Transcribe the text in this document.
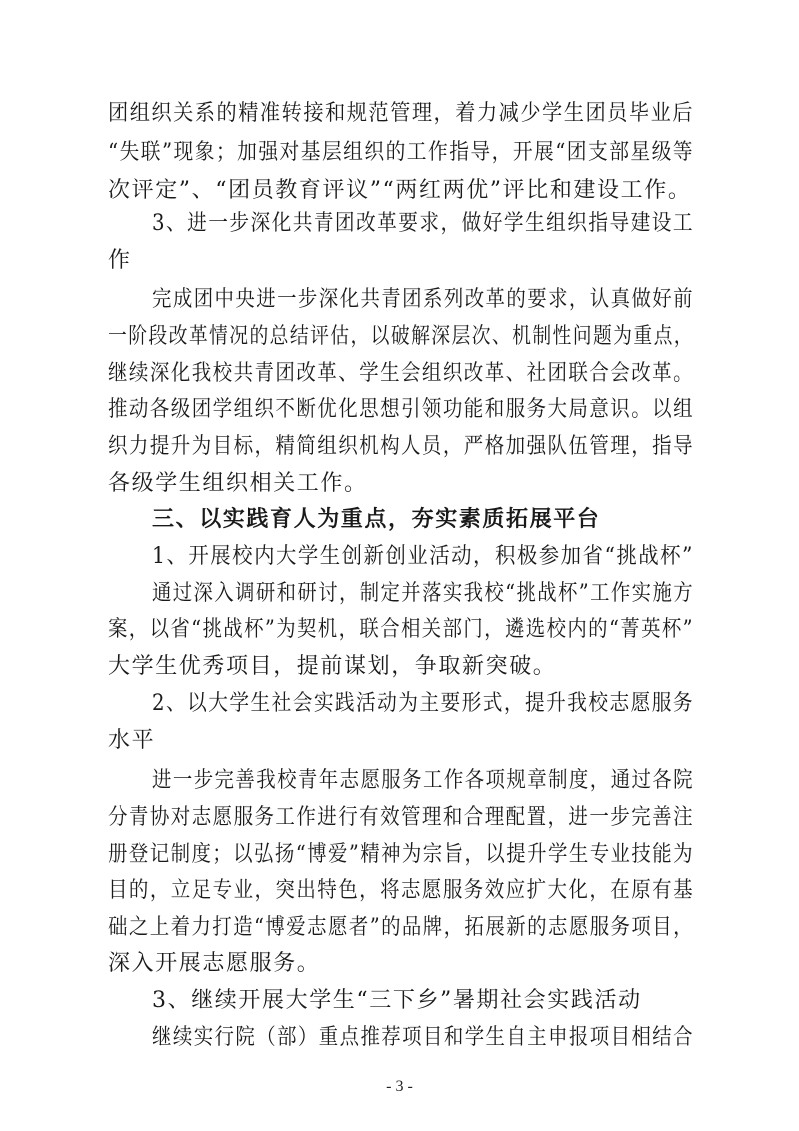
团组织关系的精准转接和规范管理，着力减少学生团员毕业后
“失联”现象；加强对基层组织的工作指导，开展“团支部星级等
次评定”、“团员教育评议”“两红两优”评比和建设工作。
3、进一步深化共青团改革要求，做好学生组织指导建设工
作
完成团中央进一步深化共青团系列改革的要求，认真做好前
一阶段改革情况的总结评估，以破解深层次、机制性问题为重点，
继续深化我校共青团改革、学生会组织改革、社团联合会改革。
推动各级团学组织不断优化思想引领功能和服务大局意识。以组
织力提升为目标，精简组织机构人员，严格加强队伍管理，指导
各级学生组织相关工作。
三、以实践育人为重点，夯实素质拓展平台
1、开展校内大学生创新创业活动，积极参加省“挑战杯”
通过深入调研和研讨，制定并落实我校“挑战杯”工作实施方
案，以省“挑战杯”为契机，联合相关部门，遴选校内的“菁英杯”
大学生优秀项目，提前谋划，争取新突破。
2、以大学生社会实践活动为主要形式，提升我校志愿服务
水平
进一步完善我校青年志愿服务工作各项规章制度，通过各院
分青协对志愿服务工作进行有效管理和合理配置，进一步完善注
册登记制度；以弘扬“博爱”精神为宗旨，以提升学生专业技能为
目的，立足专业，突出特色，将志愿服务效应扩大化，在原有基
础之上着力打造“博爱志愿者”的品牌，拓展新的志愿服务项目，
深入开展志愿服务。
3、继续开展大学生“三下乡”暑期社会实践活动
继续实行院（部）重点推荐项目和学生自主申报项目相结合
- 3 -
